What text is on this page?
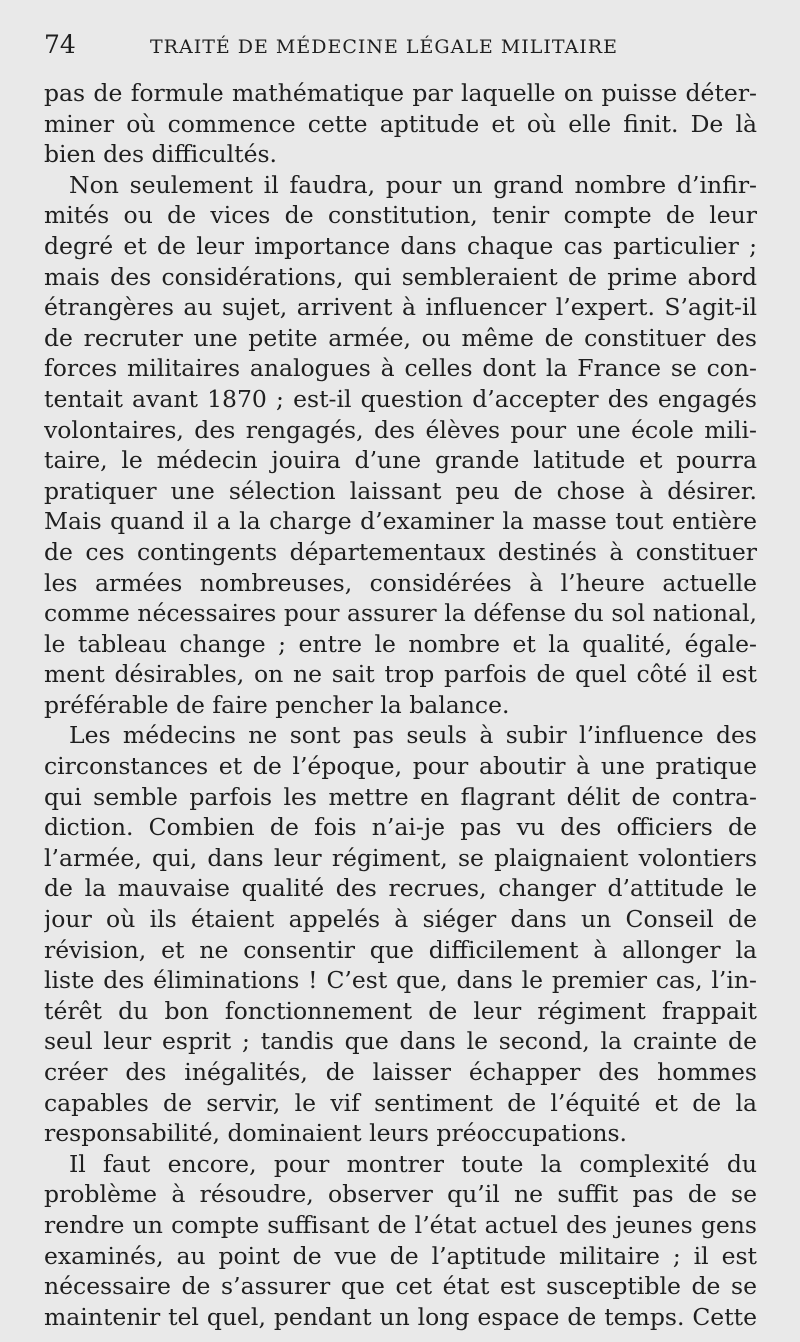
74	TRAITÉ DE MÉDECINE LÉGALE MILITAIRE
pas de formule mathématique par laquelle on puisse déter-
miner où commence cette aptitude et où elle finit. De là
bien des difficultés.
Non seulement il faudra, pour un grand nombre d’infir-
mités ou de vices de constitution, tenir compte de leur
degré et de leur importance dans chaque cas particulier ;
mais des considérations, qui sembleraient de prime abord
étrangères au sujet, arrivent à influencer l’expert. S’agit-il
de recruter une petite armée, ou même de constituer des
forces militaires analogues à celles dont la France se con-
tentait avant 1870 ; est-il question d’accepter des engagés
volontaires, des rengagés, des élèves pour une école mili-
taire, le médecin jouira d’une grande latitude et pourra
pratiquer une sélection laissant peu de chose à désirer.
Mais quand il a la charge d’examiner la masse tout entière
de ces contingents départementaux destinés à constituer
les armées nombreuses, considérées à l’heure actuelle
comme nécessaires pour assurer la défense du sol national,
le tableau change ; entre le nombre et la qualité, égale-
ment désirables, on ne sait trop parfois de quel côté il est
préférable de faire pencher la balance.
Les médecins ne sont pas seuls à subir l’influence des
circonstances et de l’époque, pour aboutir à une pratique
qui semble parfois les mettre en flagrant délit de contra-
diction. Combien de fois n’ai-je pas vu des officiers de
l’armée, qui, dans leur régiment, se plaignaient volontiers
de la mauvaise qualité des recrues, changer d’attitude le
jour où ils étaient appelés à siéger dans un Conseil de
révision, et ne consentir que difficilement à allonger la
liste des éliminations ! C’est que, dans le premier cas, l’in-
térêt du bon fonctionnement de leur régiment frappait
seul leur esprit ; tandis que dans le second, la crainte de
créer des inégalités, de laisser échapper des hommes
capables de servir, le vif sentiment de l’équité et de la
responsabilité, dominaient leurs préoccupations.
Il faut encore, pour montrer toute la complexité du
problème à résoudre, observer qu’il ne suffit pas de se
rendre un compte suffisant de l’état actuel des jeunes gens
examinés, au point de vue de l’aptitude militaire ; il est
nécessaire de s’assurer que cet état est susceptible de se
maintenir tel quel, pendant un long espace de temps. Cette
